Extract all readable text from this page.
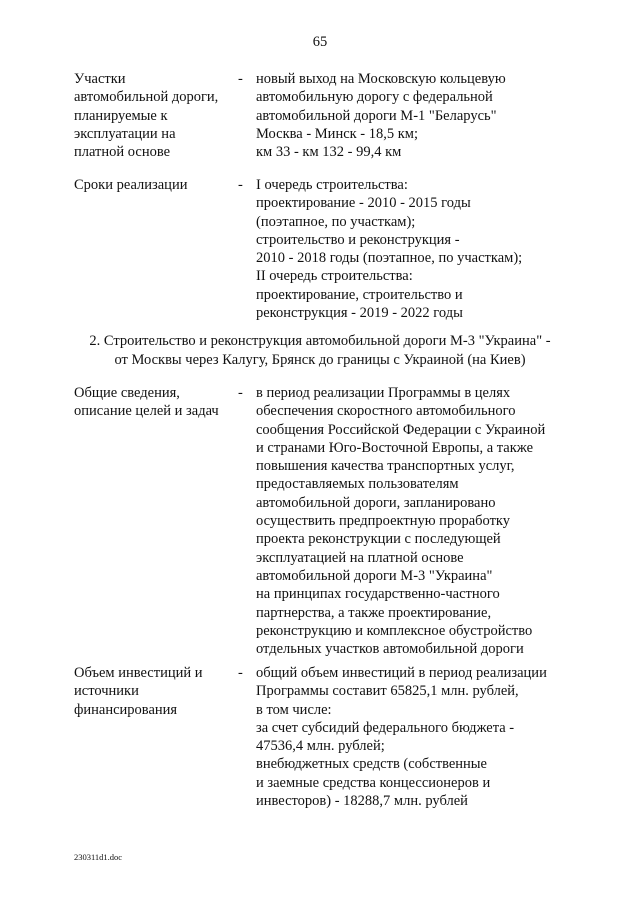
65
Участки
автомобильной дороги,
планируемые к
эксплуатации на
платной основе
- новый выход на Московскую кольцевую
автомобильную дорогу с федеральной
автомобильной дороги М-1 "Беларусь"
Москва - Минск - 18,5 км;
км 33 - км 132 - 99,4 км
Сроки реализации	- I очередь строительства:
проектирование - 2010 - 2015 годы
(поэтапное, по участкам);
строительство и реконструкция -
2010 - 2018 годы (поэтапное, по участкам);
II очередь строительства:
проектирование, строительство и
реконструкция - 2019 - 2022 годы
2. Строительство и реконструкция автомобильной дороги М-3 "Украина" -
от Москвы через Калугу, Брянск до границы с Украиной (на Киев)
Общие сведения,
описание целей и задач
- в период реализации Программы в целях
обеспечения скоростного автомобильного
сообщения Российской Федерации с Украиной
и странами Юго-Восточной Европы, а также
повышения качества транспортных услуг,
предоставляемых пользователям
автомобильной дороги, запланировано
осуществить предпроектную проработку
проекта реконструкции с последующей
эксплуатацией на платной основе
автомобильной дороги М-3 "Украина"
на принципах государственно-частного
партнерства, а также проектирование,
реконструкцию и комплексное обустройство
отдельных участков автомобильной дороги
Объем инвестиций и
источники
финансирования
- общий объем инвестиций в период реализации
Программы составит 65825,1 млн. рублей,
в том числе:
за счет субсидий федерального бюджета -
47536,4 млн. рублей;
внебюджетных средств (собственные
и заемные средства концессионеров и
инвесторов) - 18288,7 млн. рублей
230311d1.doc
